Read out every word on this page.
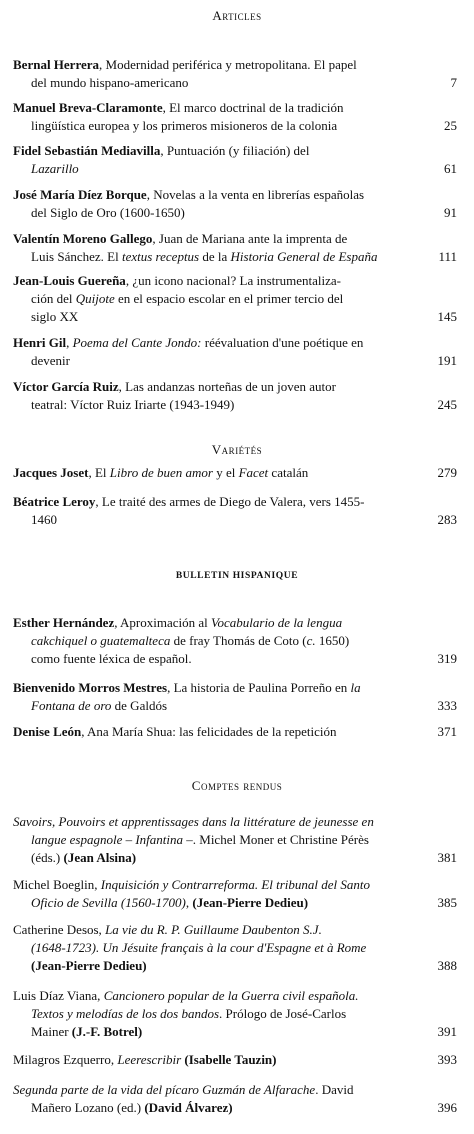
Articles
Bernal Herrera, Modernidad periférica y metropolitana. El papel
del mundo hispano-americano	7
Manuel Breva-Claramonte, El marco doctrinal de la tradición
lingüística europea y los primeros misioneros de la colonia	25
Fidel Sebastián Mediavilla, Puntuación (y filiación) del
Lazarillo	61
José María Díez Borque, Novelas a la venta en librerías españolas
del Siglo de Oro (1600-1650)	91
Valentín Moreno Gallego, Juan de Mariana ante la imprenta de
Luis Sánchez. El textus receptus de la Historia General de España	111
Jean-Louis Guereña, ¿un icono nacional? La instrumentaliza-
ción del Quijote en el espacio escolar en el primer tercio del
siglo XX	145
Henri Gil, Poema del Cante Jondo: réévaluation d'une poétique en
devenir	191
Víctor García Ruiz, Las andanzas norteñas de un joven autor
teatral: Víctor Ruiz Iriarte (1943-1949)	245
Variétés
Jacques Joset, El Libro de buen amor y el Facet catalán	279
Béatrice Leroy, Le traité des armes de Diego de Valera, vers 1455-
1460	283
BULLETIN HISPANIQUE
Esther Hernández, Aproximación al Vocabulario de la lengua
cakchiquel o guatemalteca de fray Thomás de Coto (c. 1650)
como fuente léxica de español.	319
Bienvenido Morros Mestres, La historia de Paulina Porreño en la
Fontana de oro de Galdós	333
Denise León, Ana María Shua: las felicidades de la repetición	371
Comptes rendus
Savoirs, Pouvoirs et apprentissages dans la littérature de jeunesse en
langue espagnole – Infantina –. Michel Moner et Christine Pérès
(éds.) (Jean Alsina)	381
Michel Boeglin, Inquisición y Contrarreforma. El tribunal del Santo
Oficio de Sevilla (1560-1700), (Jean-Pierre Dedieu)	385
Catherine Desos, La vie du R. P. Guillaume Daubenton S.J.
(1648-1723). Un Jésuite français à la cour d'Espagne et à Rome
(Jean-Pierre Dedieu)	388
Luis Díaz Viana, Cancionero popular de la Guerra civil española.
Textos y melodías de los dos bandos. Prólogo de José-Carlos
Mainer (J.-F. Botrel)	391
Milagros Ezquerro, Leerescribir (Isabelle Tauzin)	393
Segunda parte de la vida del pícaro Guzmán de Alfarache. David
Mañero Lozano (ed.) (David Álvarez)	396
